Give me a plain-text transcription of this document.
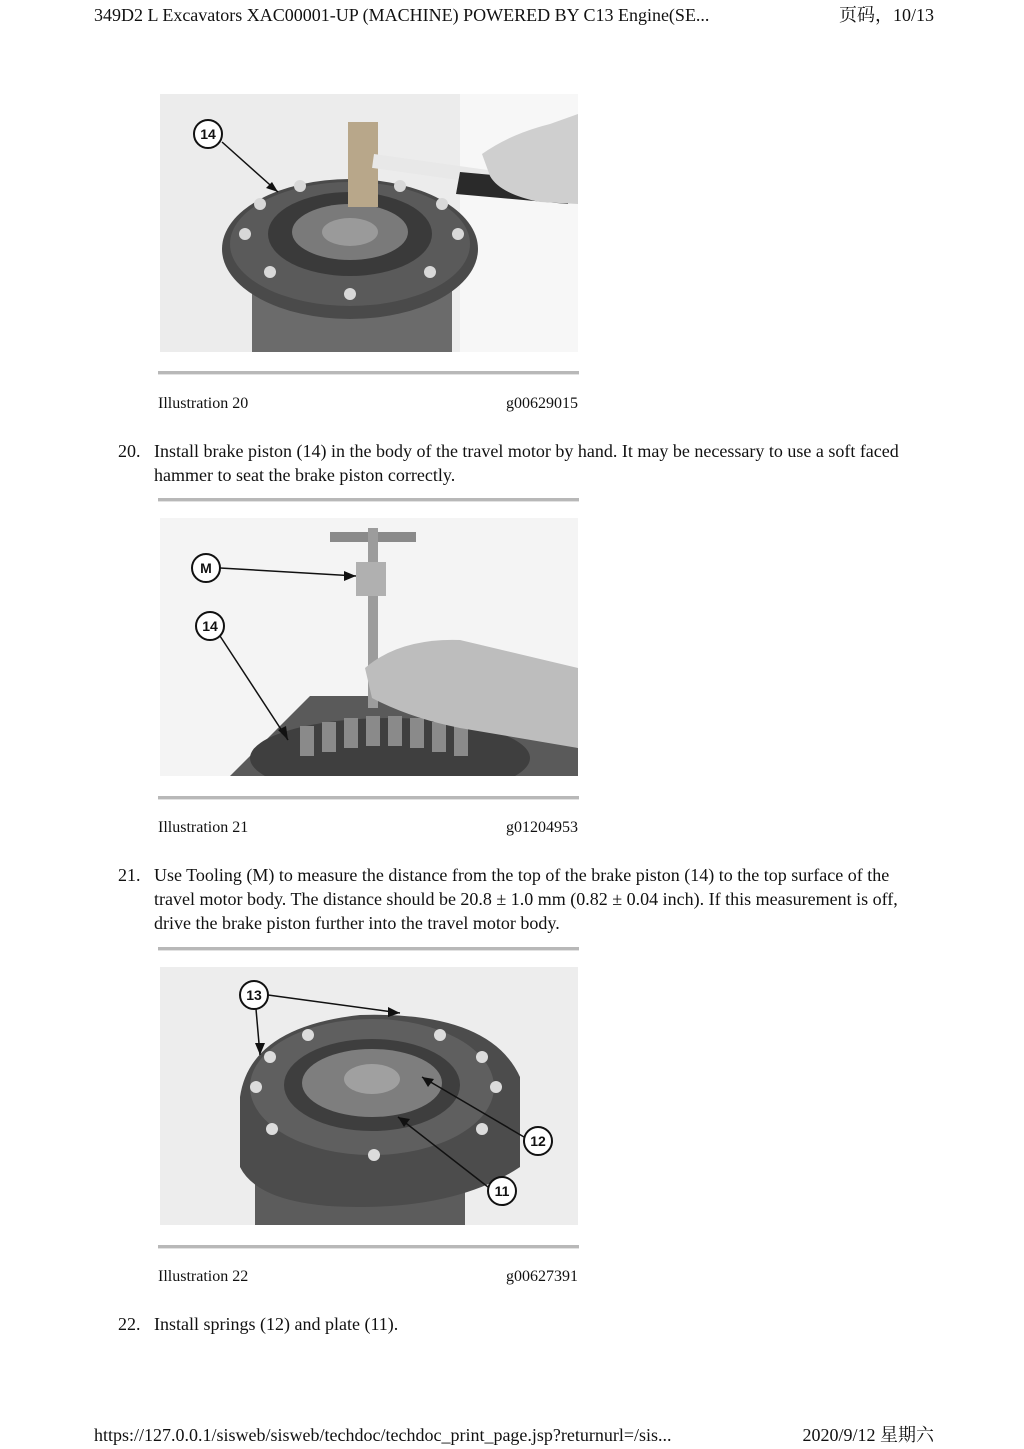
349D2 L Excavators XAC00001-UP (MACHINE) POWERED BY C13 Engine(SE...	页码，10/13
14
Illustration 20	g00629015
20. Install brake piston (14) in the body of the travel motor by hand. It may be necessary to use a soft faced hammer to seat the brake piston correctly.
M
14
Illustration 21	g01204953
21. Use Tooling (M) to measure the distance from the top of the brake piston (14) to the top surface of the travel motor body. The distance should be 20.8 ± 1.0 mm (0.82 ± 0.04 inch). If this measurement is off, drive the brake piston further into the travel motor body.
13
12
11
Illustration 22	g00627391
22. Install springs (12) and plate (11).
https://127.0.0.1/sisweb/sisweb/techdoc/techdoc_print_page.jsp?returnurl=/sis...	2020/9/12 星期六
